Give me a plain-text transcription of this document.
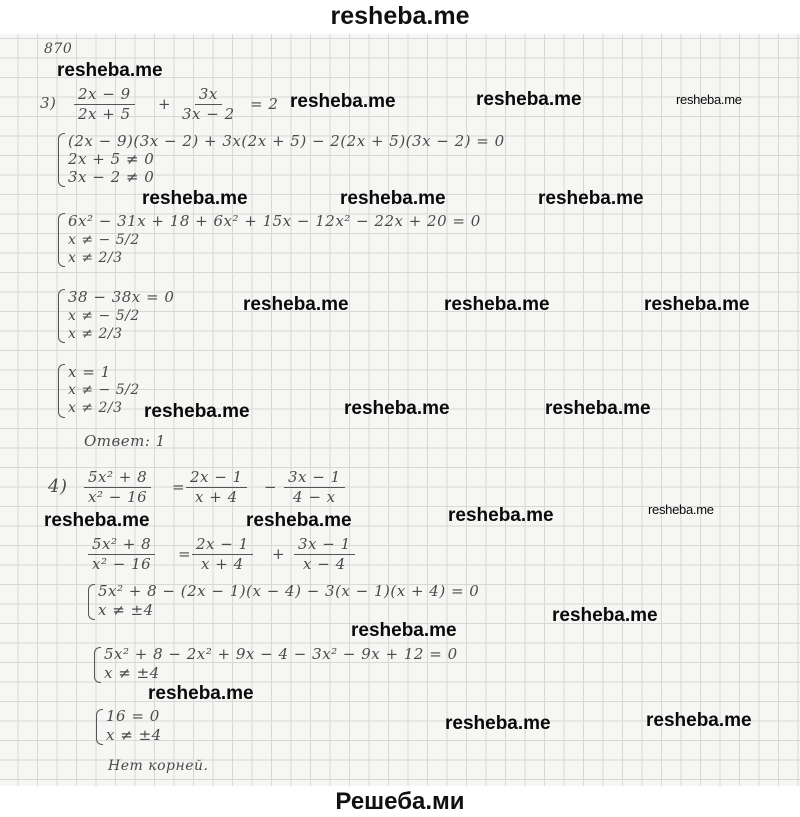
resheba.me
870
$3) \frac{2x - 9}{2x + 5} + \frac{3x}{3x - 2} = 2$
(2x − 9)(3x − 2) + 3x(2x + 5) − 2(2x + 5)(3x − 2) = 0
2x + 5 ≠ 0
3x − 2 ≠ 0
6x² − 31x + 18 + 6x² + 15x − 12x² − 22x + 20 = 0
x ≠ − 5/2
x ≠ 2/3
38 − 38x = 0
x ≠ − 5/2
x ≠ 2/3
x = 1
x ≠ − 5/2
x ≠ 2/3
Ответ: 1
$4) \frac{\text{5x² + 8}}{\text{x² − 16}} = \frac{2x - 1}{x + 4} - \frac{3x - 1}{4 - x}$
$\frac{\text{5x² + 8}}{\text{x² − 16}} = \frac{2x - 1}{x + 4} + \frac{3x - 1}{x - 4}$
5x² + 8 − (2x − 1)(x − 4) − 3(x − 1)(x + 4) = 0
x ≠ ±4
5x² + 8 − 2x² + 9x − 4 − 3x² − 9x + 12 = 0
x ≠ ±4
16 = 0
x ≠ ±4
Нет корней.
resheba.me
resheba.me	resheba.me	resheba.me
resheba.me	resheba.me	resheba.me
resheba.me	resheba.me	resheba.me
resheba.me	resheba.me	resheba.me
resheba.me	resheba.me	resheba.me	resheba.me
resheba.me
resheba.me
resheba.me
resheba.me	resheba.me
Решеба.ми
